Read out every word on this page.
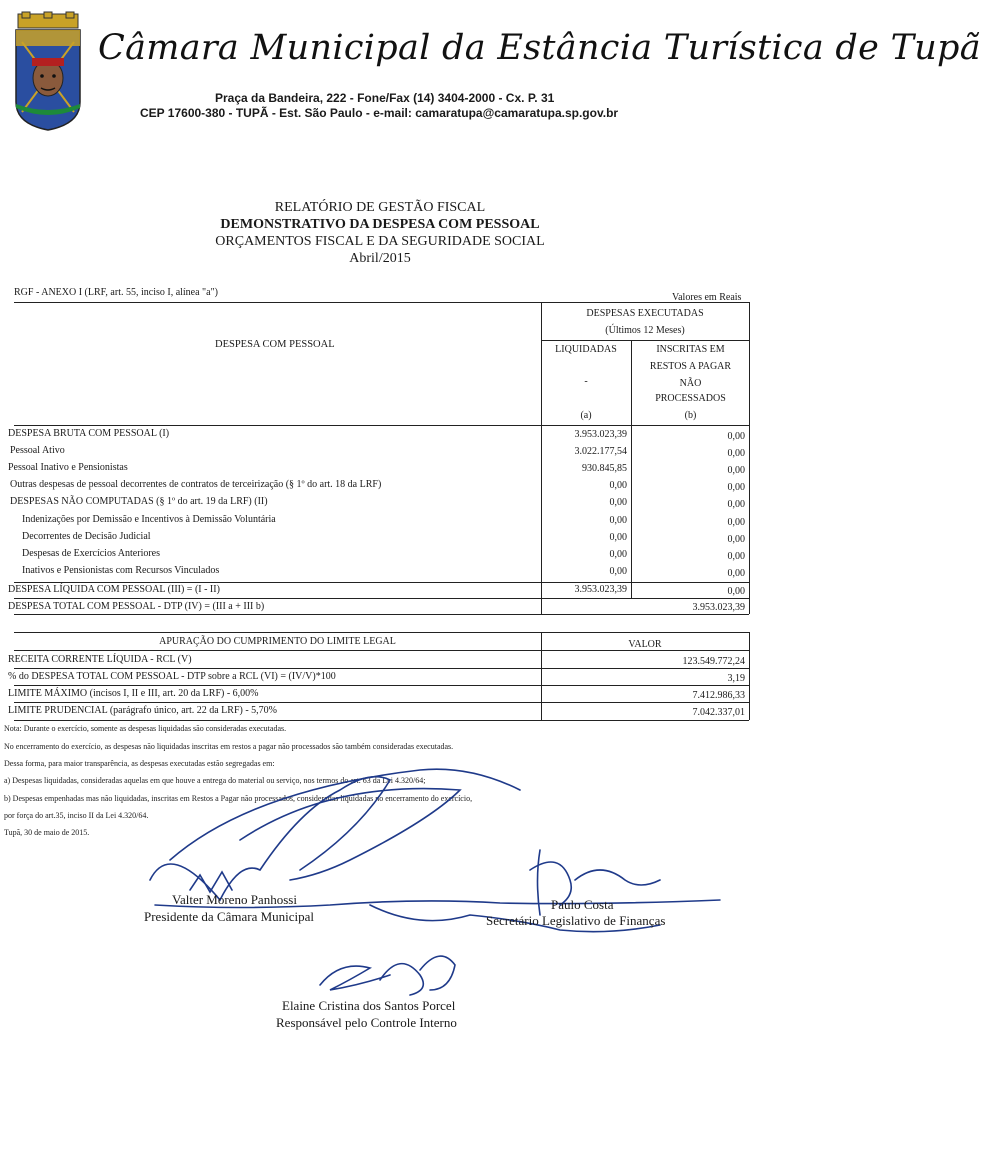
Câmara Municipal da Estância Turística de Tupã
Praça da Bandeira, 222 - Fone/Fax (14) 3404-2000 - Cx. P. 31
CEP 17600-380 - TUPÃ - Est. São Paulo - e-mail: camaratupa@camaratupa.sp.gov.br
RELATÓRIO DE GESTÃO FISCAL
DEMONSTRATIVO DA DESPESA COM PESSOAL
ORÇAMENTOS FISCAL E DA SEGURIDADE SOCIAL
Abril/2015
RGF - ANEXO I (LRF, art. 55, inciso I, alínea "a")	Valores em Reais
DESPESA COM PESSOAL
DESPESAS EXECUTADAS
(Últimos 12 Meses)
LIQUIDADAS
-
INSCRITAS EM
RESTOS A PAGAR
NÃO
PROCESSADOS
(a)	(b)
DESPESA BRUTA COM PESSOAL (I)	3.953.023,39	0,00
Pessoal Ativo	3.022.177,54	0,00
Pessoal Inativo e Pensionistas	930.845,85	0,00
Outras despesas de pessoal decorrentes de contratos de terceirização (§ 1º do art. 18 da LRF)	0,00	0,00
DESPESAS NÃO COMPUTADAS (§ 1º do art. 19 da LRF) (II)	0,00	0,00
Indenizações por Demissão e Incentivos à Demissão Voluntária	0,00	0,00
Decorrentes de Decisão Judicial	0,00	0,00
Despesas de Exercícios Anteriores	0,00	0,00
Inativos e Pensionistas com Recursos Vinculados	0,00	0,00
DESPESA LÍQUIDA COM PESSOAL (III) = (I - II)	3.953.023,39	0,00
DESPESA TOTAL COM PESSOAL - DTP (IV) = (III a + III b)	3.953.023,39
APURAÇÃO DO CUMPRIMENTO DO LIMITE LEGAL	VALOR
RECEITA CORRENTE LÍQUIDA - RCL (V)	123.549.772,24
% do DESPESA TOTAL COM PESSOAL - DTP sobre a RCL (VI) = (IV/V)*100	3,19
LIMITE MÁXIMO (incisos I, II e III, art. 20 da LRF) - 6,00%	7.412.986,33
LIMITE PRUDENCIAL (parágrafo único, art. 22 da LRF) - 5,70%	7.042.337,01
Nota: Durante o exercício, somente as despesas liquidadas são consideradas executadas.
No encerramento do exercício, as despesas não liquidadas inscritas em restos a pagar não processados são também consideradas executadas.
Dessa forma, para maior transparência, as despesas executadas estão segregadas em:
a) Despesas liquidadas, consideradas aquelas em que houve a entrega do material ou serviço, nos termos do art. 63 da Lei 4.320/64;
b) Despesas empenhadas mas não liquidadas, inscritas em Restos a Pagar não processados, consideradas liquidadas no encerramento do exercício,
por força do art.35, inciso II da Lei 4.320/64.
Tupã, 30 de maio de 2015.
Valter Moreno Panhossi
Presidente da Câmara Municipal
Paulo Costa
Secretário Legislativo de Finanças
Elaine Cristina dos Santos Porcel
Responsável pelo Controle Interno
